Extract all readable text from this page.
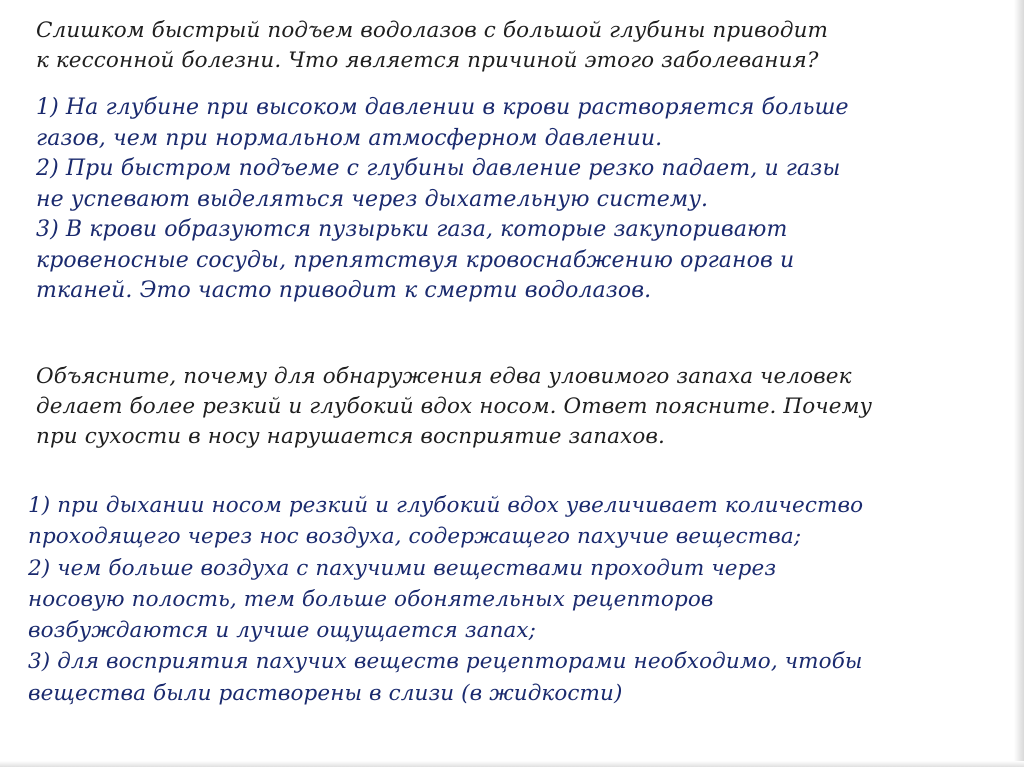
Слишком быстрый подъем водолазов с большой глубины приводит
к кессонной болезни. Что является причиной этого заболевания?
1) На глубине при высоком давлении в крови растворяется больше
газов, чем при нормальном атмосферном давлении.
2) При быстром подъеме с глубины давление резко падает, и газы
не успевают выделяться через дыхательную систему.
3) В крови образуются пузырьки газа, которые закупоривают
кровеносные сосуды, препятствуя кровоснабжению органов и
тканей. Это часто приводит к смерти водолазов.
Объясните, почему для обнаружения едва уловимого запаха человек
делает более резкий и глубокий вдох носом. Ответ поясните. Почему
при сухости в носу нарушается восприятие запахов.
1) при дыхании носом резкий и глубокий вдох увеличивает количество
проходящего через нос воздуха, содержащего пахучие вещества;
2) чем больше воздуха с пахучими веществами проходит через
носовую полость, тем больше обонятельных рецепторов
возбуждаются и лучше ощущается запах;
3) для восприятия пахучих веществ рецепторами необходимо, чтобы
вещества были растворены в слизи (в жидкости)
